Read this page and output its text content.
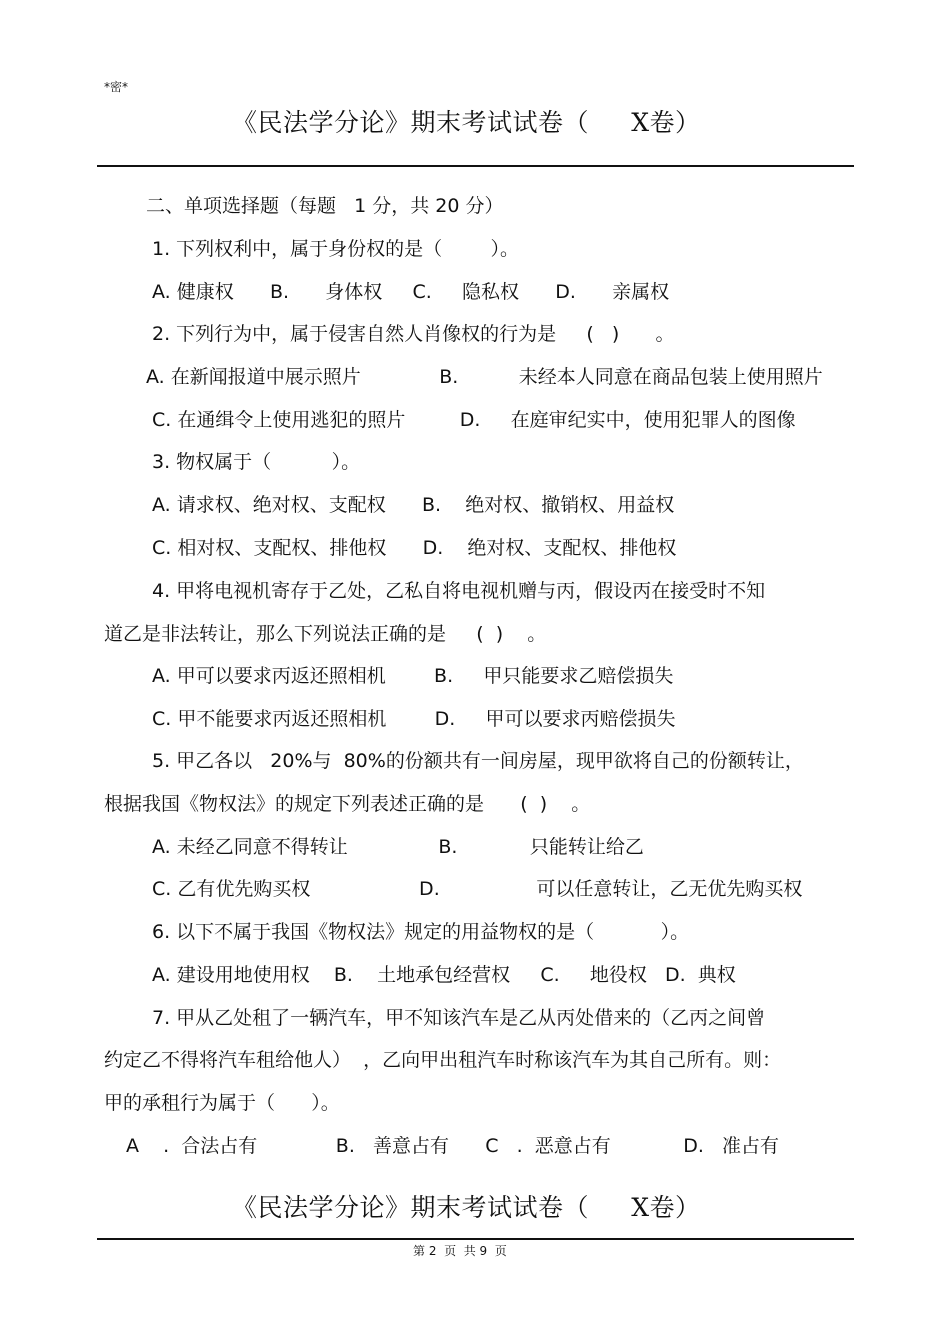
*密*
《民法学分论》期末考试试卷（     X卷）
二、单项选择题（每题   1 分，共 20 分）
1. 下列权利中，属于身份权的是（        ）。
A. 健康权      B.      身体权     C.     隐私权      D.      亲属权
2. 下列行为中，属于侵害自然人肖像权的行为是     (   )      。
A. 在新闻报道中展示照片             B.          未经本人同意在商品包装上使用照片
C. 在通缉令上使用逃犯的照片         D.     在庭审纪实中，使用犯罪人的图像
3. 物权属于（          ）。
A. 请求权、绝对权、支配权      B.    绝对权、撤销权、用益权
C. 相对权、支配权、排他权      D.    绝对权、支配权、排他权
4. 甲将电视机寄存于乙处，乙私自将电视机赠与丙，假设丙在接受时不知
道乙是非法转让，那么下列说法正确的是     (  )    。
A. 甲可以要求丙返还照相机        B.     甲只能要求乙赔偿损失
C. 甲不能要求丙返还照相机        D.     甲可以要求丙赔偿损失
5. 甲乙各以   20%与  80%的份额共有一间房屋，现甲欲将自己的份额转让，
根据我国《物权法》的规定下列表述正确的是      (  )    。
A. 未经乙同意不得转让               B.            只能转让给乙
C. 乙有优先购买权                  D.                可以任意转让，乙无优先购买权
6. 以下不属于我国《物权法》规定的用益物权的是（           ）。
A. 建设用地使用权    B.    土地承包经营权     C.     地役权   D.  典权
7. 甲从乙处租了一辆汽车，甲不知该汽车是乙从丙处借来的（乙丙之间曾
约定乙不得将汽车租给他人）  ，乙向甲出租汽车时称该汽车为其自己所有。则：
甲的承租行为属于（      ）。
A    .  合法占有             B.   善意占有      C   .  恶意占有            D.   准占有
《民法学分论》期末考试试卷（     X卷）
第 2  页  共 9  页
